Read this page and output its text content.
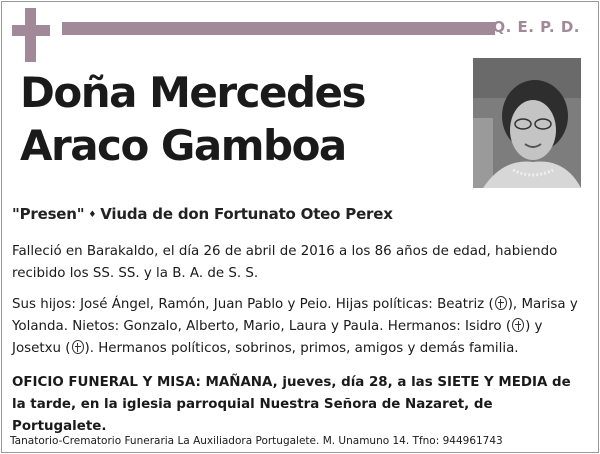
Q. E. P. D.
Doña Mercedes
Araco Gamboa
"Presen" ♦ Viuda de don Fortunato Oteo Perex
Falleció en Barakaldo, el día 26 de abril de 2016 a los 86 años de edad, habiendo recibido los SS. SS. y la B. A. de S. S.
Sus hijos: José Ángel, Ramón, Juan Pablo y Peio. Hijas políticas: Beatriz ( ), Marisa y Yolanda. Nietos: Gonzalo, Alberto, Mario, Laura y Paula. Hermanos: Isidro ( ) y Josetxu ( ). Hermanos políticos, sobrinos, primos, amigos y demás familia.
OFICIO FUNERAL Y MISA: MAÑANA, jueves, día 28, a las SIETE Y MEDIA de la tarde, en la iglesia parroquial Nuestra Señora de Nazaret, de Portugalete.
Tanatorio-Crematorio Funeraria La Auxiliadora Portugalete. M. Unamuno 14. Tfno: 944961743
